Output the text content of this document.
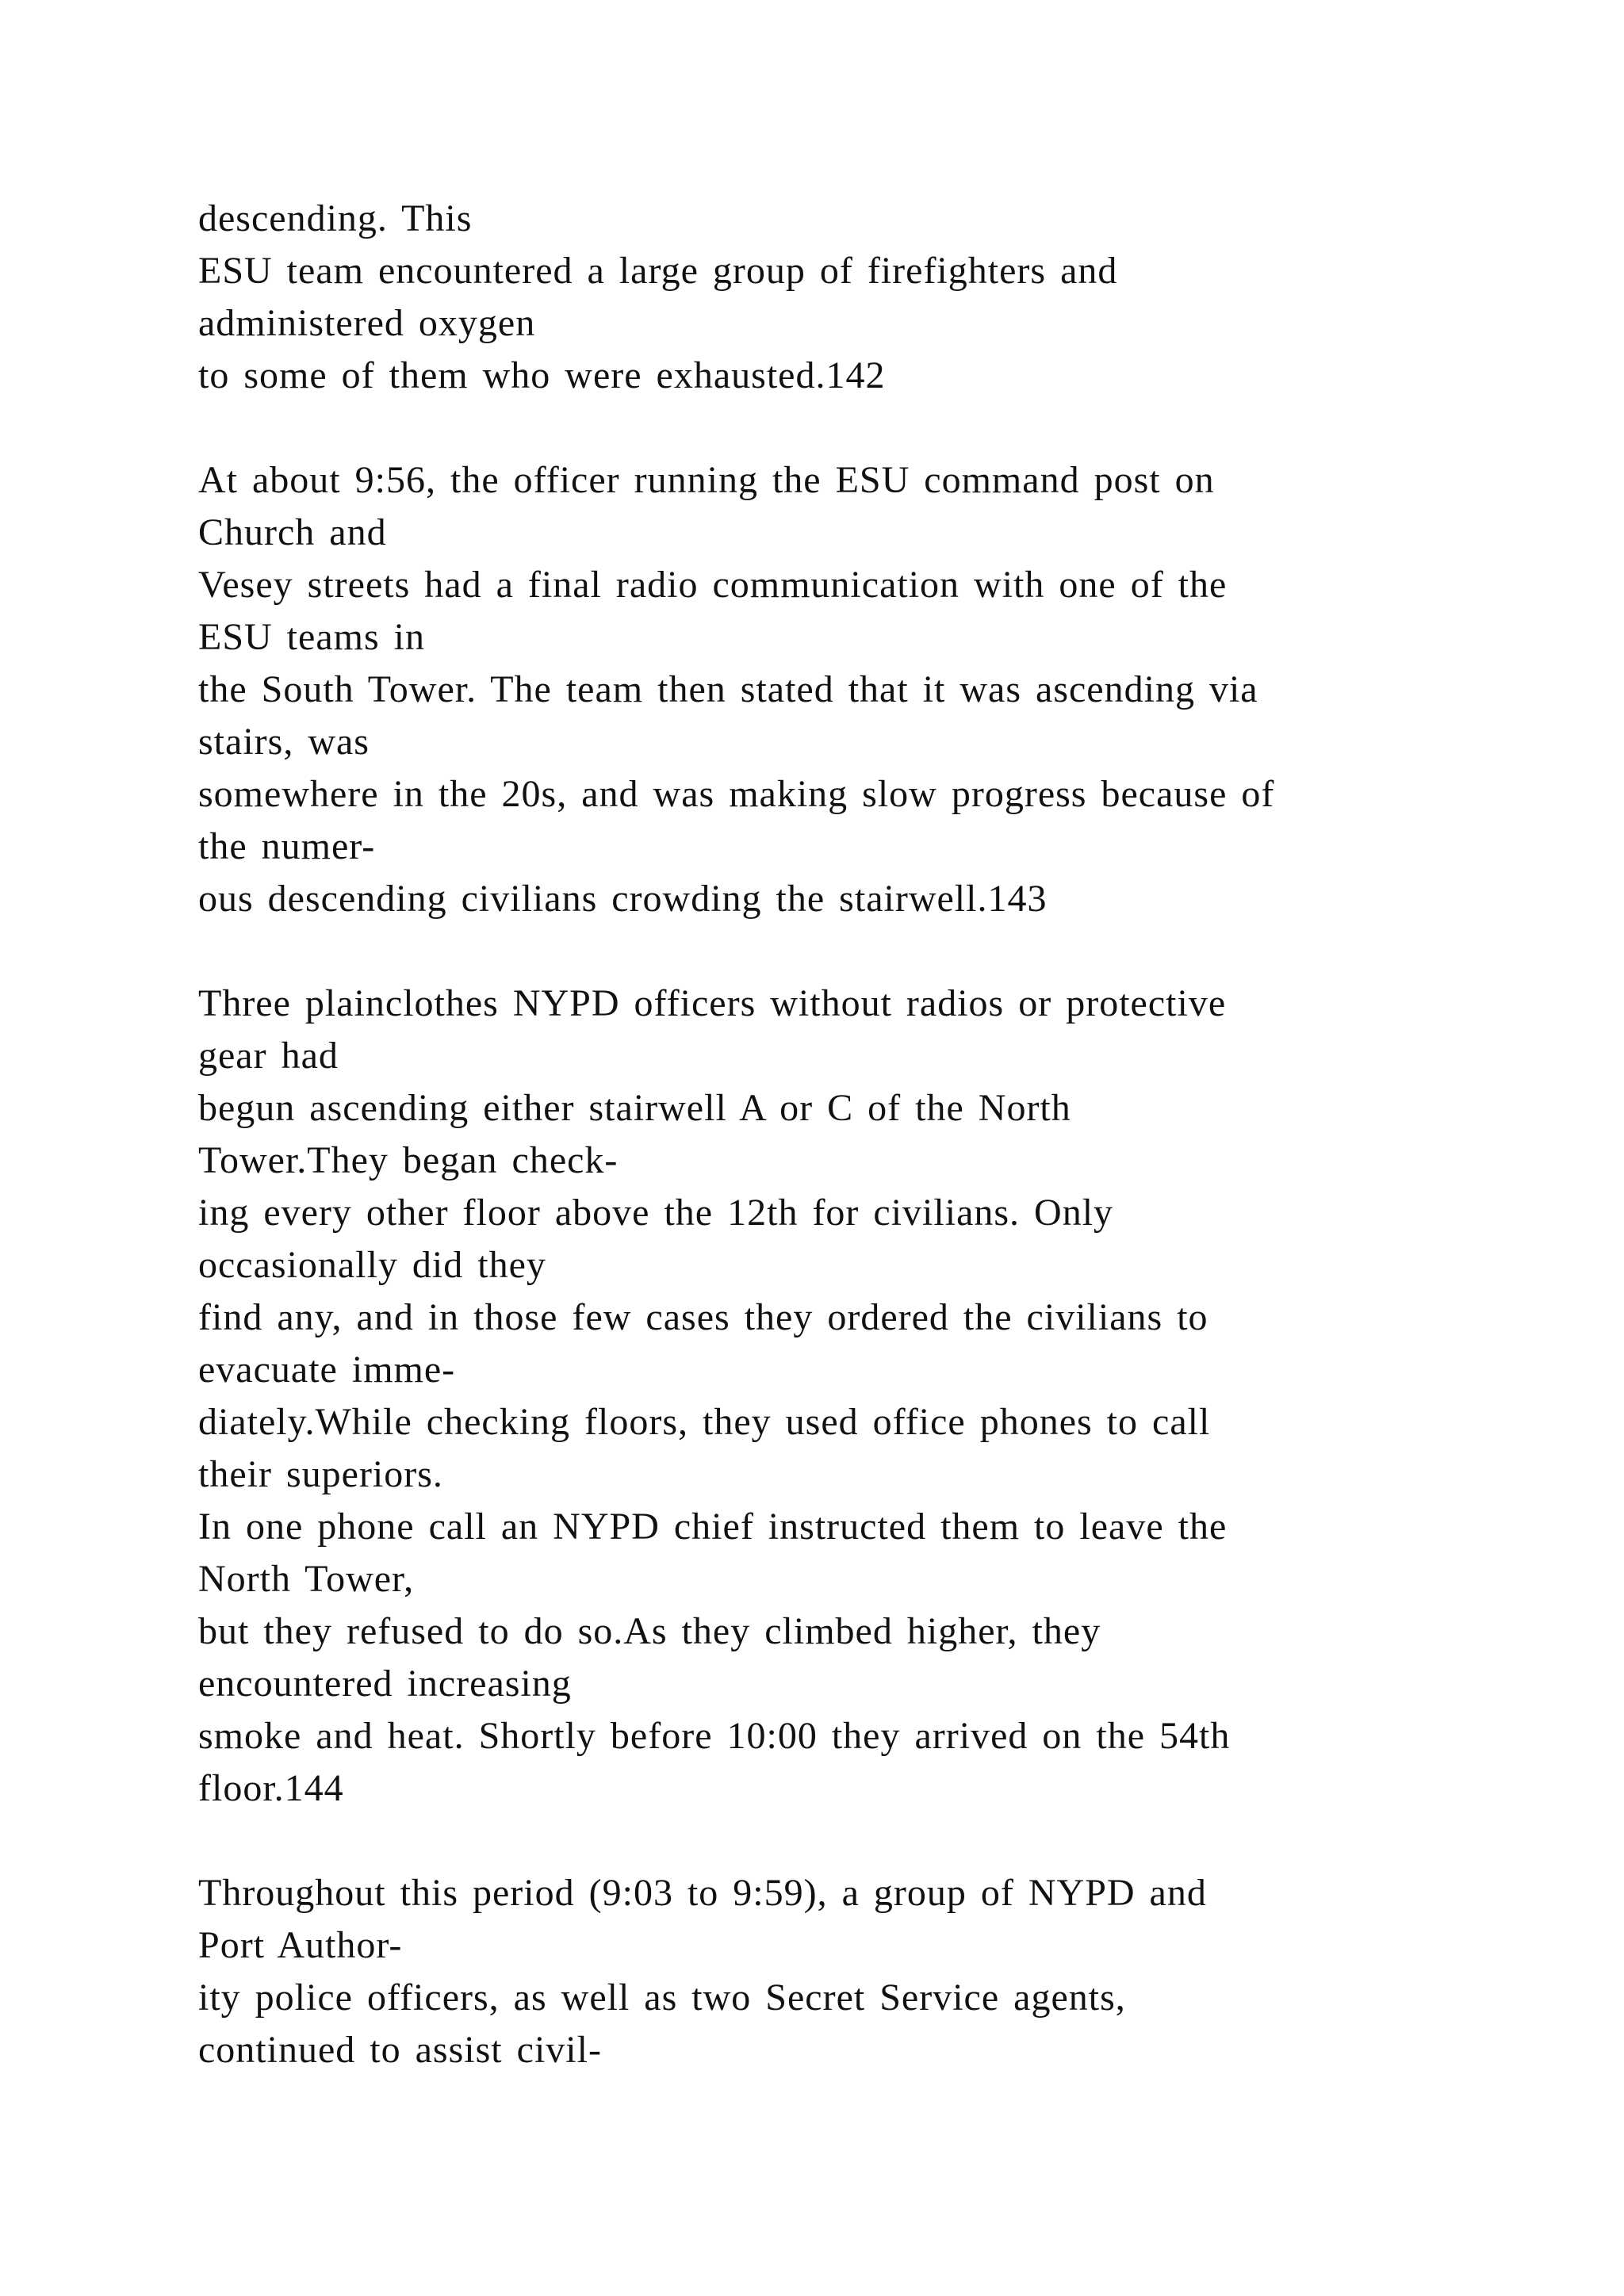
descending. This
ESU team encountered a large group of firefighters and
administered oxygen
to some of them who were exhausted.142
At about 9:56, the officer running the ESU command post on
Church and
Vesey streets had a final radio communication with one of the
ESU teams in
the South Tower. The team then stated that it was ascending via
stairs, was
somewhere in the 20s, and was making slow progress because of
the numer-
ous descending civilians crowding the stairwell.143
Three plainclothes NYPD officers without radios or protective
gear had
begun ascending either stairwell A or C of the North
Tower.They began check-
ing every other floor above the 12th for civilians. Only
occasionally did they
find any, and in those few cases they ordered the civilians to
evacuate imme-
diately.While checking floors, they used office phones to call
their superiors.
In one phone call an NYPD chief instructed them to leave the
North Tower,
but they refused to do so.As they climbed higher, they
encountered increasing
smoke and heat. Shortly before 10:00 they arrived on the 54th
floor.144
Throughout this period (9:03 to 9:59), a group of NYPD and
Port Author-
ity police officers, as well as two Secret Service agents,
continued to assist civil-
